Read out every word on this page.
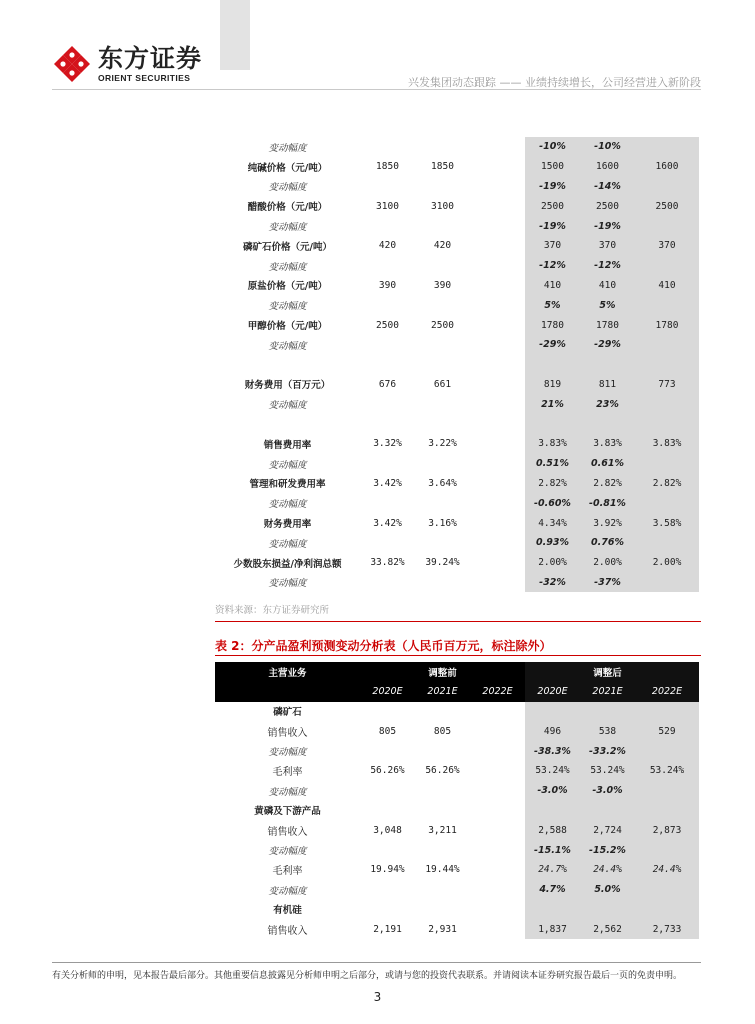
东方证券
ORIENT SECURITIES	兴发集团动态跟踪 —— 业绩持续增长，公司经营进入新阶段
变动幅度				-10%	-10%	
纯碱价格（元/吨）	1850	1850		1500	1600	1600
变动幅度				-19%	-14%	
醋酸价格（元/吨）	3100	3100		2500	2500	2500
变动幅度				-19%	-19%	
磷矿石价格（元/吨）	420	420		370	370	370
变动幅度				-12%	-12%	
原盐价格（元/吨）	390	390		410	410	410
变动幅度				5%	5%	
甲醇价格（元/吨）	2500	2500		1780	1780	1780
变动幅度				-29%	-29%	

财务费用（百万元）	676	661		819	811	773
变动幅度				21%	23%	

销售费用率	3.32%	3.22%		3.83%	3.83%	3.83%
变动幅度				0.51%	0.61%	
管理和研发费用率	3.42%	3.64%		2.82%	2.82%	2.82%
变动幅度				-0.60%	-0.81%	
财务费用率	3.42%	3.16%		4.34%	3.92%	3.58%
变动幅度				0.93%	0.76%	
少数股东损益/净利润总额	33.82%	39.24%		2.00%	2.00%	2.00%
变动幅度				-32%	-37%	
资料来源：东方证券研究所
表 2：分产品盈利预测变动分析表（人民币百万元，标注除外）
主营业务		调整前			调整后	
	2020E	2021E	2022E	2020E	2021E	2022E
磷矿石						
销售收入	805	805		496	538	529
变动幅度				-38.3%	-33.2%	
毛利率	56.26%	56.26%		53.24%	53.24%	53.24%
变动幅度				-3.0%	-3.0%	
黄磷及下游产品						
销售收入	3,048	3,211		2,588	2,724	2,873
变动幅度				-15.1%	-15.2%	
毛利率	19.94%	19.44%		24.7%	24.4%	24.4%
变动幅度				4.7%	5.0%	
有机硅						
销售收入	2,191	2,931		1,837	2,562	2,733
有关分析师的申明，见本报告最后部分。其他重要信息披露见分析师申明之后部分，或请与您的投资代表联系。并请阅读本证券研究报告最后一页的免责申明。
3
